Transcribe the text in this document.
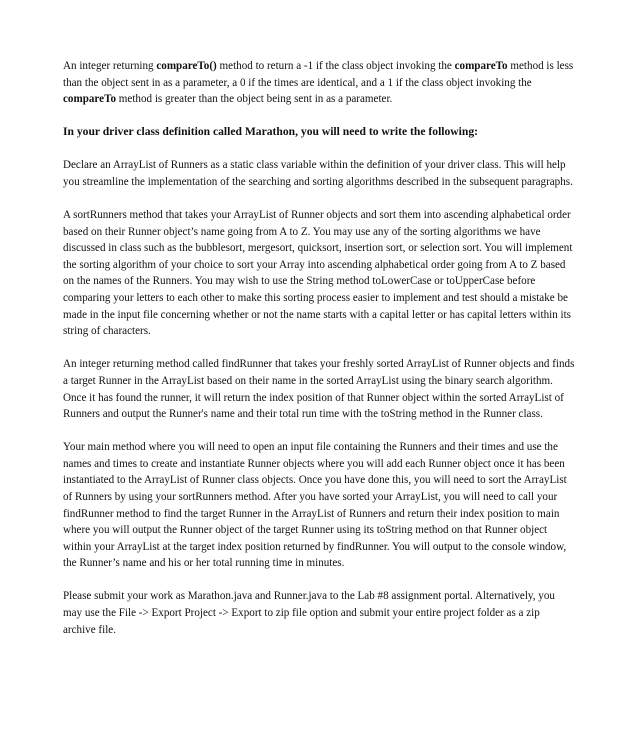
An integer returning compareTo() method to return a -1 if the class object invoking the compareTo method is less than the object sent in as a parameter, a 0 if the times are identical, and a 1 if the class object invoking the compareTo method is greater than the object being sent in as a parameter.

In your driver class definition called Marathon, you will need to write the following:

Declare an ArrayList of Runners as a static class variable within the definition of your driver class. This will help you streamline the implementation of the searching and sorting algorithms described in the subsequent paragraphs.

A sortRunners method that takes your ArrayList of Runner objects and sort them into ascending alphabetical order based on their Runner object’s name going from A to Z. You may use any of the sorting algorithms we have discussed in class such as the bubblesort, mergesort, quicksort, insertion sort, or selection sort. You will implement the sorting algorithm of your choice to sort your Array into ascending alphabetical order going from A to Z based on the names of the Runners. You may wish to use the String method toLowerCase or toUpperCase before comparing your letters to each other to make this sorting process easier to implement and test should a mistake be made in the input file concerning whether or not the name starts with a capital letter or has capital letters within its string of characters.

An integer returning method called findRunner that takes your freshly sorted ArrayList of Runner objects and finds a target Runner in the ArrayList based on their name in the sorted ArrayList using the binary search algorithm. Once it has found the runner, it will return the index position of that Runner object within the sorted ArrayList of Runners and output the Runner's name and their total run time with the toString method in the Runner class.

Your main method where you will need to open an input file containing the Runners and their times and use the names and times to create and instantiate Runner objects where you will add each Runner object once it has been instantiated to the ArrayList of Runner class objects. Once you have done this, you will need to sort the ArrayList of Runners by using your sortRunners method. After you have sorted your ArrayList, you will need to call your findRunner method to find the target Runner in the ArrayList of Runners and return their index position to main where you will output the Runner object of the target Runner using its toString method on that Runner object within your ArrayList at the target index position returned by findRunner. You will output to the console window, the Runner’s name and his or her total running time in minutes.

Please submit your work as Marathon.java and Runner.java to the Lab #8 assignment portal. Alternatively, you may use the File -> Export Project -> Export to zip file option and submit your entire project folder as a zip archive file.
